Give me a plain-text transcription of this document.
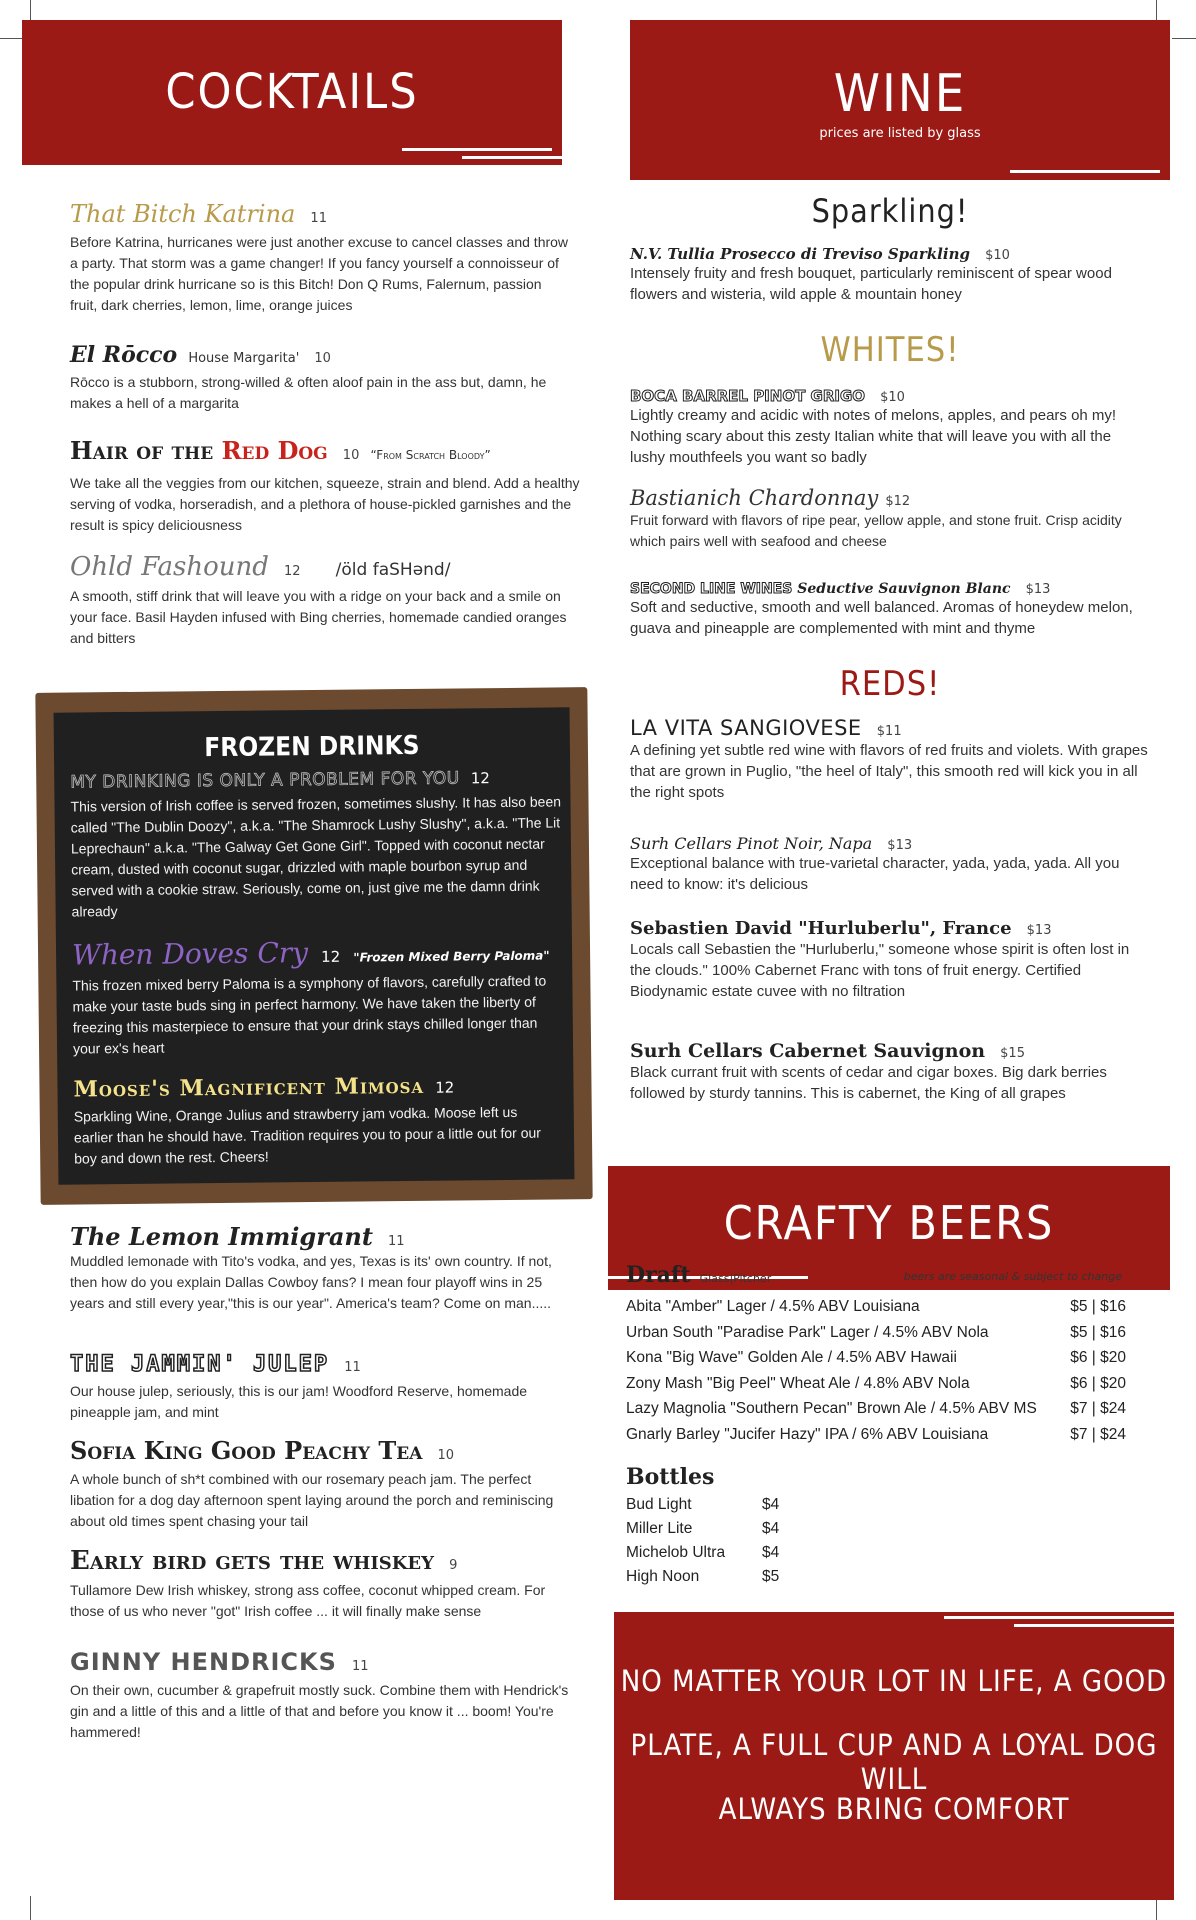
COCKTAILS
That Bitch Katrina 11
Before Katrina, hurricanes were just another excuse to cancel classes and throw a party. That storm was a game changer! If you fancy yourself a connoisseur of the popular drink hurricane so is this Bitch! Don Q Rums, Falernum, passion fruit, dark cherries, lemon, lime, orange juices
El Rōcco House Margarita' 10
Rōcco is a stubborn, strong-willed & often aloof pain in the ass but, damn, he makes a hell of a margarita
Hair of the Red Dog 10 “From Scratch Bloody”
We take all the veggies from our kitchen, squeeze, strain and blend. Add a healthy serving of vodka, horseradish, and a plethora of house-pickled garnishes and the result is spicy deliciousness
Ohld Fashound 12 /öld faSHənd/
A smooth, stiff drink that will leave you with a ridge on your back and a smile on your face. Basil Hayden infused with Bing cherries, homemade candied oranges and bitters
FROZEN DRINKS
MY DRINKING IS ONLY A PROBLEM FOR YOU 12
This version of Irish coffee is served frozen, sometimes slushy. It has also been called "The Dublin Doozy", a.k.a. "The Shamrock Lushy Slushy", a.k.a. "The Lit Leprechaun" a.k.a. "The Galway Get Gone Girl". Topped with coconut nectar cream, dusted with coconut sugar, drizzled with maple bourbon syrup and served with a cookie straw. Seriously, come on, just give me the damn drink already
When Doves Cry 12 "Frozen Mixed Berry Paloma"
This frozen mixed berry Paloma is a symphony of flavors, carefully crafted to make your taste buds sing in perfect harmony. We have taken the liberty of freezing this masterpiece to ensure that your drink stays chilled longer than your ex's heart
Moose's Magnificent Mimosa 12
Sparkling Wine, Orange Julius and strawberry jam vodka. Moose left us earlier than he should have. Tradition requires you to pour a little out for our boy and down the rest. Cheers!
The Lemon Immigrant 11
Muddled lemonade with Tito's vodka, and yes, Texas is its' own country. If not, then how do you explain Dallas Cowboy fans? I mean four playoff wins in 25 years and still every year,"this is our year". America's team? Come on man.....
THE JAMMIN' JULEP 11
Our house julep, seriously, this is our jam! Woodford Reserve, homemade pineapple jam, and mint
Sofia King Good Peachy Tea 10
A whole bunch of sh*t combined with our rosemary peach jam. The perfect libation for a dog day afternoon spent laying around the porch and reminiscing about old times spent chasing your tail
Early bird gets the whiskey 9
Tullamore Dew Irish whiskey, strong ass coffee, coconut whipped cream. For those of us who never "got" Irish coffee ... it will finally make sense
GINNY HENDRICKS 11
On their own, cucumber & grapefruit mostly suck. Combine them with Hendrick's gin and a little of this and a little of that and before you know it ... boom! You're hammered!
WINE
prices are listed by glass
Sparkling!
N.V. Tullia Prosecco di Treviso Sparkling $10
Intensely fruity and fresh bouquet, particularly reminiscent of spear wood flowers and wisteria, wild apple & mountain honey
WHITES!
BOCA BARREL PINOT GRIGO $10
Lightly creamy and acidic with notes of melons, apples, and pears oh my! Nothing scary about this zesty Italian white that will leave you with all the lushy mouthfeels you want so badly
Bastianich Chardonnay $12
Fruit forward with flavors of ripe pear, yellow apple, and stone fruit. Crisp acidity which pairs well with seafood and cheese
SECOND LINE WINES Seductive Sauvignon Blanc $13
Soft and seductive, smooth and well balanced. Aromas of honeydew melon, guava and pineapple are complemented with mint and thyme
REDS!
LA VITA SANGIOVESE $11
A defining yet subtle red wine with flavors of red fruits and violets. With grapes that are grown in Puglio, "the heel of Italy", this smooth red will kick you in all the right spots
Surh Cellars Pinot Noir, Napa $13
Exceptional balance with true-varietal character, yada, yada, yada. All you need to know: it's delicious
Sebastien David "Hurluberlu", France $13
Locals call Sebastien the "Hurluberlu," someone whose spirit is often lost in the clouds." 100% Cabernet Franc with tons of fruit energy. Certified Biodynamic estate cuvee with no filtration
Surh Cellars Cabernet Sauvignon $15
Black currant fruit with scents of cedar and cigar boxes. Big dark berries followed by sturdy tannins. This is cabernet, the King of all grapes
CRAFTY BEERS
Draft Glass|Pitcher	beers are seasonal & subject to change
Abita "Amber" Lager / 4.5% ABV Louisiana	$5 | $16
Urban South "Paradise Park" Lager / 4.5% ABV Nola	$5 | $16
Kona "Big Wave" Golden Ale / 4.5% ABV Hawaii	$6 | $20
Zony Mash "Big Peel" Wheat Ale / 4.8% ABV Nola	$6 | $20
Lazy Magnolia "Southern Pecan" Brown Ale / 4.5% ABV MS $7 | $24
Gnarly Barley "Jucifer Hazy" IPA / 6% ABV Louisiana	$7 | $24
Bottles
Bud Light	$4
Miller Lite	$4
Michelob Ultra	$4
High Noon	$5
NO MATTER YOUR LOT IN LIFE, A GOOD
PLATE, A FULL CUP AND A LOYAL DOG WILL
ALWAYS BRING COMFORT
